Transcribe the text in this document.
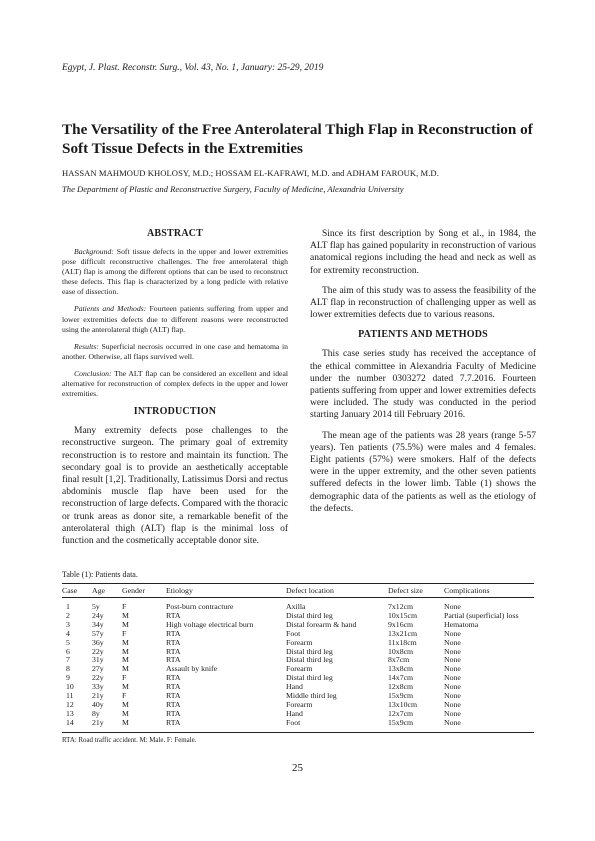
Egypt, J. Plast. Reconstr. Surg., Vol. 43, No. 1, January: 25-29, 2019
The Versatility of the Free Anterolateral Thigh Flap in Reconstruction of Soft Tissue Defects in the Extremities
HASSAN MAHMOUD KHOLOSY, M.D.; HOSSAM EL-KAFRAWI, M.D. and ADHAM FAROUK, M.D.
The Department of Plastic and Reconstructive Surgery, Faculty of Medicine, Alexandria University
ABSTRACT

Background: Soft tissue defects in the upper and lower extremities pose difficult reconstructive challenges. The free anterolateral thigh (ALT) flap is among the different options that can be used to reconstruct these defects. This flap is characterized by a long pedicle with relative ease of dissection.

Patients and Methods: Fourteen patients suffering from upper and lower extremities defects due to different reasons were reconstructed using the anterolateral thigh (ALT) flap.

Results: Superficial necrosis occurred in one case and hematoma in another. Otherwise, all flaps survived well.

Conclusion: The ALT flap can be considered an excellent and ideal alternative for reconstruction of complex defects in the upper and lower extremities.

INTRODUCTION

Many extremity defects pose challenges to the reconstructive surgeon. The primary goal of extremity reconstruction is to restore and maintain its function. The secondary goal is to provide an aesthetically acceptable final result [1,2]. Traditionally, Latissimus Dorsi and rectus abdominis muscle flap have been used for the reconstruction of large defects. Compared with the thoracic or trunk areas as donor site, a remarkable benefit of the anterolateral thigh (ALT) flap is the minimal loss of function and the cosmetically acceptable donor site.

Since its first description by Song et al., in 1984, the ALT flap has gained popularity in reconstruction of various anatomical regions including the head and neck as well as for extremity reconstruction.

The aim of this study was to assess the feasibility of the ALT flap in reconstruction of challenging upper as well as lower extremities defects due to various reasons.

PATIENTS AND METHODS

This case series study has received the acceptance of the ethical committee in Alexandria Faculty of Medicine under the number 0303272 dated 7.7.2016. Fourteen patients suffering from upper and lower extremities defects were included. The study was conducted in the period starting January 2014 till February 2016.

The mean age of the patients was 28 years (range 5-57 years). Ten patients (75.5%) were males and 4 females. Eight patients (57%) were smokers. Half of the defects were in the upper extremity, and the other seven patients suffered defects in the lower limb. Table (1) shows the demographic data of the patients as well as the etiology of the defects.

Table (1): Patients data.
Case	Age	Gender	Etiology	Defect location	Defect size	Complications
1	5y	F	Post-burn contracture	Axilla	7x12cm	None
2	24y	M	RTA	Distal third leg	10x15cm	Partial (superficial) loss
3	34y	M	High voltage electrical burn	Distal forearm & hand	9x16cm	Hematoma
4	57y	F	RTA	Foot	13x21cm	None
5	36y	M	RTA	Forearm	11x18cm	None
6	22y	M	RTA	Distal third leg	10x8cm	None
7	31y	M	RTA	Distal third leg	8x7cm	None
8	27y	M	Assault by knife	Forearm	13x8cm	None
9	22y	F	RTA	Distal third leg	14x7cm	None
10	33y	M	RTA	Hand	12x8cm	None
11	21y	F	RTA	Middle third leg	15x9cm	None
12	40y	M	RTA	Forearm	13x10cm	None
13	8y	M	RTA	Hand	12x7cm	None
14	21y	M	RTA	Foot	15x9cm	None
RTA: Road traffic accident. M: Male. F: Female.
25
